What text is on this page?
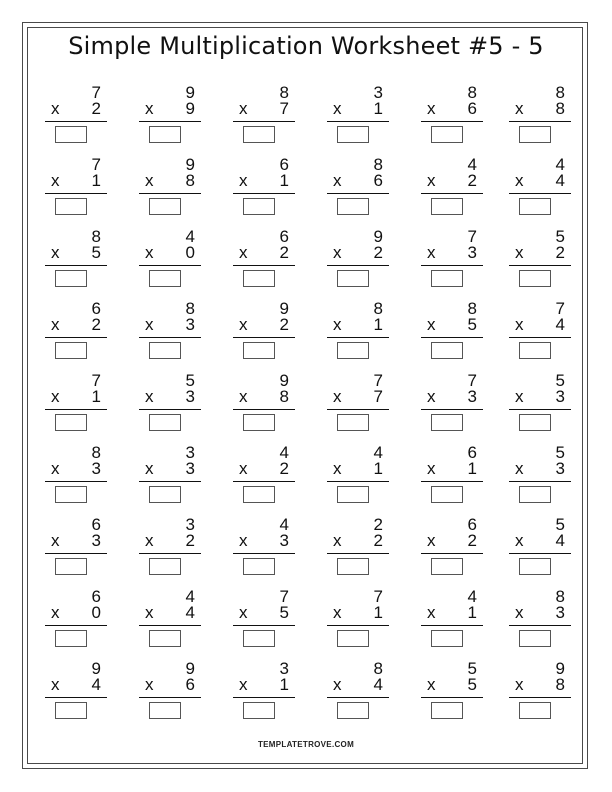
Simple Multiplication Worksheet #5 - 5
7
x 2
9
x 9
8
x 7
3
x 1
8
x 6
8
x 8
7
x 1
9
x 8
6
x 1
8
x 6
4
x 2
4
x 4
8
x 5
4
x 0
6
x 2
9
x 2
7
x 3
5
x 2
6
x 2
8
x 3
9
x 2
8
x 1
8
x 5
7
x 4
7
x 1
5
x 3
9
x 8
7
x 7
7
x 3
5
x 3
8
x 3
3
x 3
4
x 2
4
x 1
6
x 1
5
x 3
6
x 3
3
x 2
4
x 3
2
x 2
6
x 2
5
x 4
6
x 0
4
x 4
7
x 5
7
x 1
4
x 1
8
x 3
9
x 4
9
x 6
3
x 1
8
x 4
5
x 5
9
x 8
TEMPLATETROVE.COM
